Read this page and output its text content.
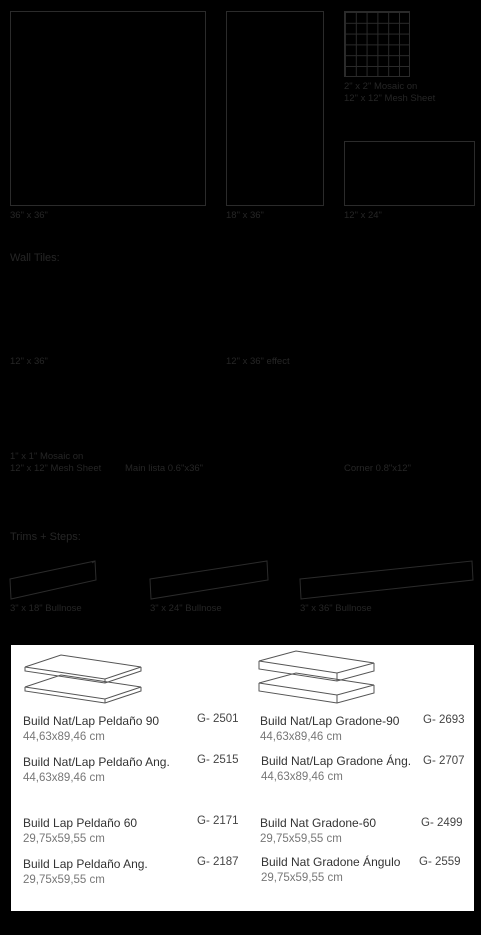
36" x 36"	18" x 36"
2" x 2" Mosaic on
12" x 12" Mesh Sheet
12" x 24"
Wall Tiles:
12" x 36"	12" x 36" effect
1" x 1" Mosaic on
12" x 12" Mesh Sheet	Main lista 0.6"x36"	Corner 0.8"x12"
Trims + Steps:
3" x 18" Bullnose	3" x 24" Bullnose	3" x 36" Bullnose
Build Nat/Lap Peldaño 90
44,63x89,46 cm
G- 2501
Build Nat/Lap Peldaño Ang.
44,63x89,46 cm
G- 2515
Build Lap Peldaño 60
29,75x59,55 cm
G- 2171
Build Lap Peldaño Ang.
29,75x59,55 cm
G- 2187
Build Nat/Lap Gradone-90
44,63x89,46 cm
G- 2693
Build Nat/Lap Gradone Áng.
44,63x89,46 cm
G- 2707
Build Nat Gradone-60
29,75x59,55 cm
G- 2499
Build Nat Gradone Ángulo
29,75x59,55 cm
G- 2559
